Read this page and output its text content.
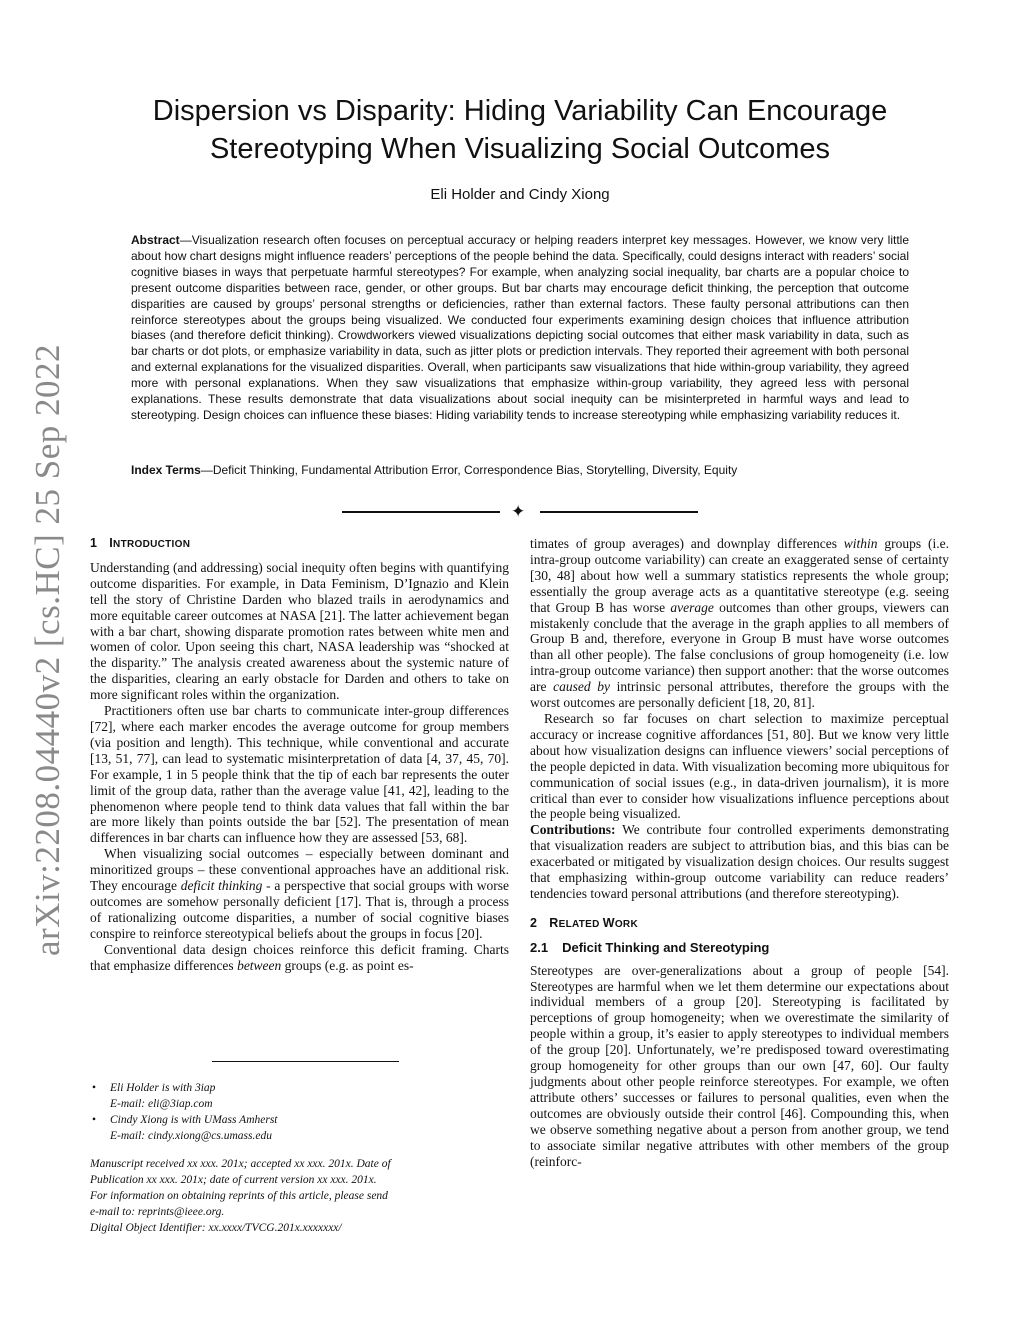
arXiv:2208.04440v2 [cs.HC] 25 Sep 2022
Dispersion vs Disparity: Hiding Variability Can Encourage
Stereotyping When Visualizing Social Outcomes
Eli Holder and Cindy Xiong

Abstract—Visualization research often focuses on perceptual accuracy or helping readers interpret key messages. However, we know very little about how chart designs might influence readers’ perceptions of the people behind the data. Specifically, could designs interact with readers’ social cognitive biases in ways that perpetuate harmful stereotypes? For example, when analyzing social inequality, bar charts are a popular choice to present outcome disparities between race, gender, or other groups. But bar charts may encourage deficit thinking, the perception that outcome disparities are caused by groups’ personal strengths or deficiencies, rather than external factors. These faulty personal attributions can then reinforce stereotypes about the groups being visualized. We conducted four experiments examining design choices that influence attribution biases (and therefore deficit thinking). Crowdworkers viewed visualizations depicting social outcomes that either mask variability in data, such as bar charts or dot plots, or emphasize variability in data, such as jitter plots or prediction intervals. They reported their agreement with both personal and external explanations for the visualized disparities. Overall, when participants saw visualizations that hide within-group variability, they agreed more with personal explanations. When they saw visualizations that emphasize within-group variability, they agreed less with personal explanations. These results demonstrate that data visualizations about social inequity can be misinterpreted in harmful ways and lead to stereotyping. Design choices can influence these biases: Hiding variability tends to increase stereotyping while emphasizing variability reduces it.

Index Terms—Deficit Thinking, Fundamental Attribution Error, Correspondence Bias, Storytelling, Diversity, Equity

✦
1 INTRODUCTION

Understanding (and addressing) social inequity often begins with quantifying outcome disparities. For example, in Data Feminism, D’Ignazio and Klein tell the story of Christine Darden who blazed trails in aerodynamics and more equitable career outcomes at NASA [21]. The latter achievement began with a bar chart, showing disparate promotion rates between white men and women of color. Upon seeing this chart, NASA leadership was “shocked at the disparity.” The analysis created awareness about the systemic nature of the disparities, clearing an early obstacle for Darden and others to take on more significant roles within the organization.

Practitioners often use bar charts to communicate inter-group differences [72], where each marker encodes the average outcome for group members (via position and length). This technique, while conventional and accurate [13, 51, 77], can lead to systematic misinterpretation of data [4, 37, 45, 70]. For example, 1 in 5 people think that the tip of each bar represents the outer limit of the group data, rather than the average value [41, 42], leading to the phenomenon where people tend to think data values that fall within the bar are more likely than points outside the bar [52]. The presentation of mean differences in bar charts can influence how they are assessed [53, 68].

When visualizing social outcomes – especially between dominant and minoritized groups – these conventional approaches have an additional risk. They encourage deficit thinking - a perspective that social groups with worse outcomes are somehow personally deficient [17]. That is, through a process of rationalizing outcome disparities, a number of social cognitive biases conspire to reinforce stereotypical beliefs about the groups in focus [20].

Conventional data design choices reinforce this deficit framing. Charts that emphasize differences between groups (e.g. as point es-

• Eli Holder is with 3iap
E-mail: eli@3iap.com
• Cindy Xiong is with UMass Amherst
E-mail: cindy.xiong@cs.umass.edu
Manuscript received xx xxx. 201x; accepted xx xxx. 201x. Date of
Publication xx xxx. 201x; date of current version xx xxx. 201x.
For information on obtaining reprints of this article, please send
e-mail to: reprints@ieee.org.
Digital Object Identifier: xx.xxxx/TVCG.201x.xxxxxxx/

timates of group averages) and downplay differences within groups (i.e. intra-group outcome variability) can create an exaggerated sense of certainty [30, 48] about how well a summary statistics represents the whole group; essentially the group average acts as a quantitative stereotype (e.g. seeing that Group B has worse average outcomes than other groups, viewers can mistakenly conclude that the average in the graph applies to all members of Group B and, therefore, everyone in Group B must have worse outcomes than all other people). The false conclusions of group homogeneity (i.e. low intra-group outcome variance) then support another: that the worse outcomes are caused by intrinsic personal attributes, therefore the groups with the worst outcomes are personally deficient [18, 20, 81].

Research so far focuses on chart selection to maximize perceptual accuracy or increase cognitive affordances [51, 80]. But we know very little about how visualization designs can influence viewers’ social perceptions of the people depicted in data. With visualization becoming more ubiquitous for communication of social issues (e.g., in data-driven journalism), it is more critical than ever to consider how visualizations influence perceptions about the people being visualized.

Contributions: We contribute four controlled experiments demonstrating that visualization readers are subject to attribution bias, and this bias can be exacerbated or mitigated by visualization design choices. Our results suggest that emphasizing within-group outcome variability can reduce readers’ tendencies toward personal attributions (and therefore stereotyping).

2 RELATED WORK
2.1 Deficit Thinking and Stereotyping

Stereotypes are over-generalizations about a group of people [54]. Stereotypes are harmful when we let them determine our expectations about individual members of a group [20]. Stereotyping is facilitated by perceptions of group homogeneity; when we overestimate the similarity of people within a group, it’s easier to apply stereotypes to individual members of the group [20]. Unfortunately, we’re predisposed toward overestimating group homogeneity for other groups than our own [47, 60]. Our faulty judgments about other people reinforce stereotypes. For example, we often attribute others’ successes or failures to personal qualities, even when the outcomes are obviously outside their control [46]. Compounding this, when we observe something negative about a person from another group, we tend to associate similar negative attributes with other members of the group (reinforc-
